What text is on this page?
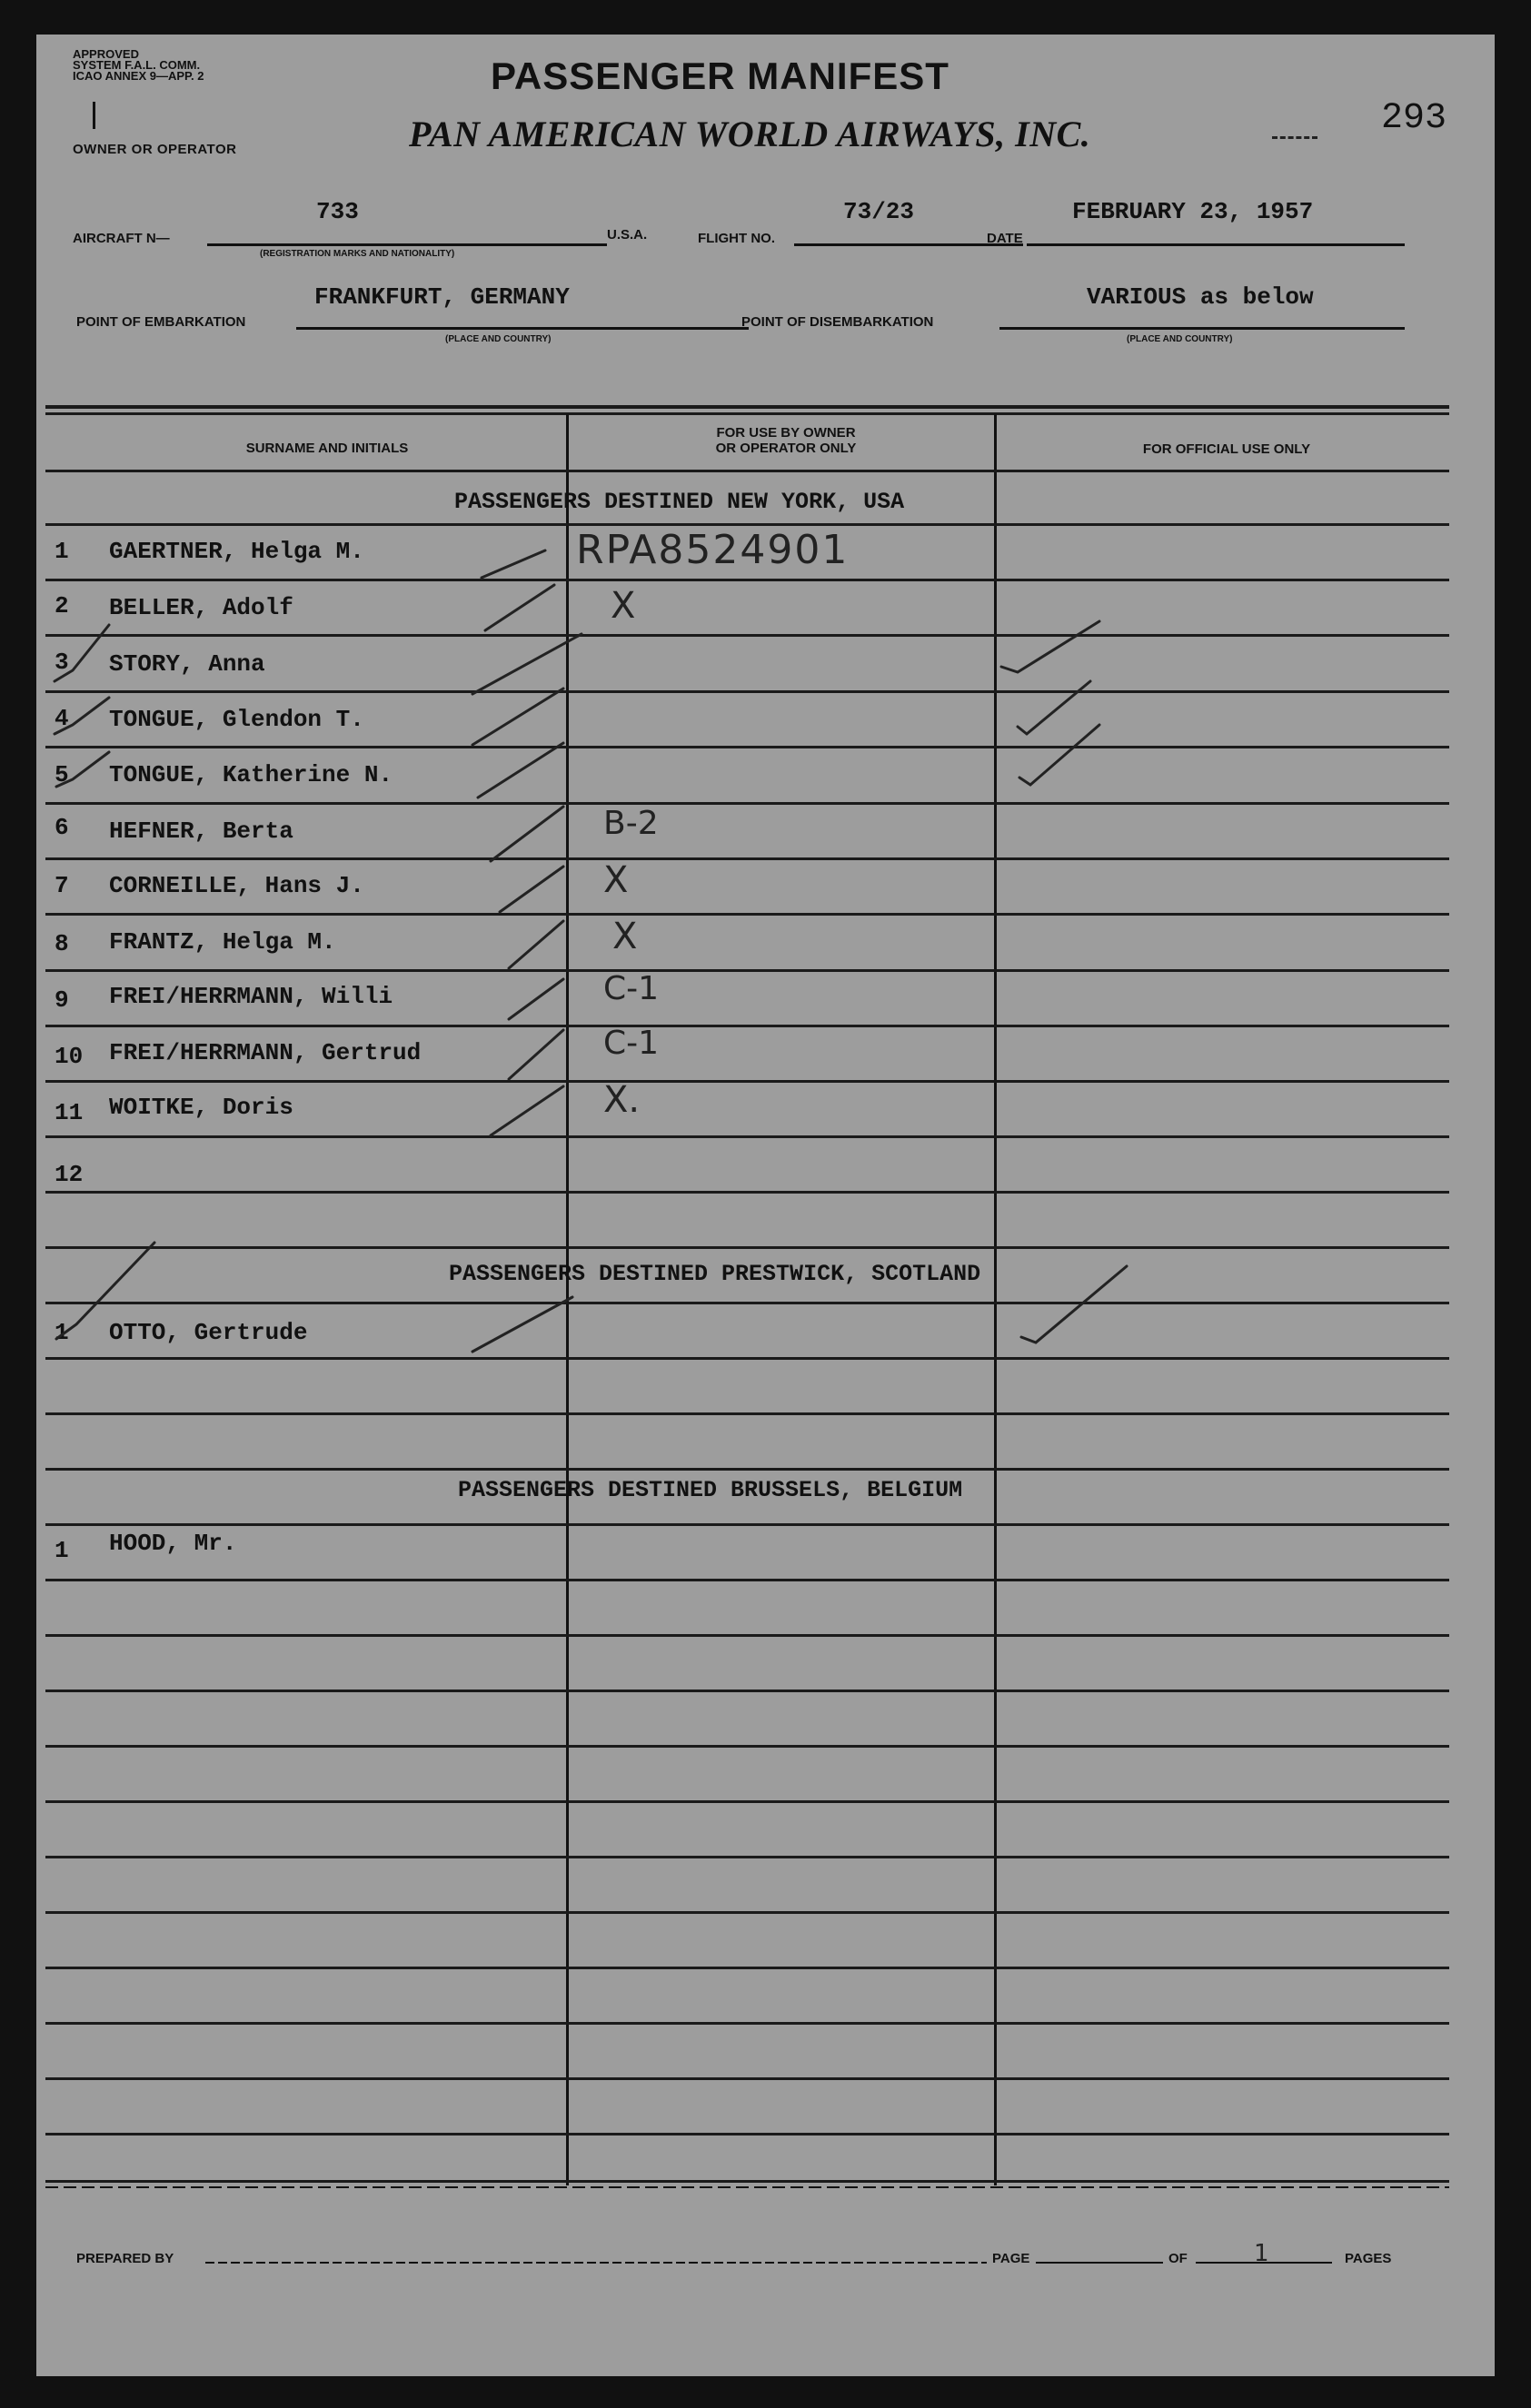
APPROVED
SYSTEM F.A.L. COMM.
ICAO ANNEX 9—APP. 2
OWNER OR OPERATOR
PASSENGER MANIFEST
PAN AMERICAN WORLD AIRWAYS, INC.	293
AIRCRAFT N—
733
(REGISTRATION MARKS AND NATIONALITY)
U.S.A.	FLIGHT NO.
73/23
DATE
FEBRUARY 23, 1957
POINT OF EMBARKATION
FRANKFURT, GERMANY
(PLACE AND COUNTRY)
POINT OF DISEMBARKATION
VARIOUS as below
(PLACE AND COUNTRY)
SURNAME AND INITIALS
FOR USE BY OWNER
OR OPERATOR ONLY	FOR OFFICIAL USE ONLY
PASSENGERS DESTINED NEW YORK, USA
1 GAERTNER, Helga M.	RPA8524901
2 BELLER, Adolf	X
3 STORY, Anna
4 TONGUE, Glendon T.
5 TONGUE, Katherine N.
6 HEFNER, Berta	B-2
7 CORNEILLE, Hans J.	X
8 FRANTZ, Helga M.	X
9 FREI/HERRMANN, Willi	C-1
10 FREI/HERRMANN, Gertrud	C-1
11 WOITKE, Doris	X.
12
PASSENGERS DESTINED PRESTWICK, SCOTLAND
1 OTTO, Gertrude
PASSENGERS DESTINED BRUSSELS, BELGIUM
1 HOOD, Mr.
PREPARED BY	PAGE	OF	1	PAGES
